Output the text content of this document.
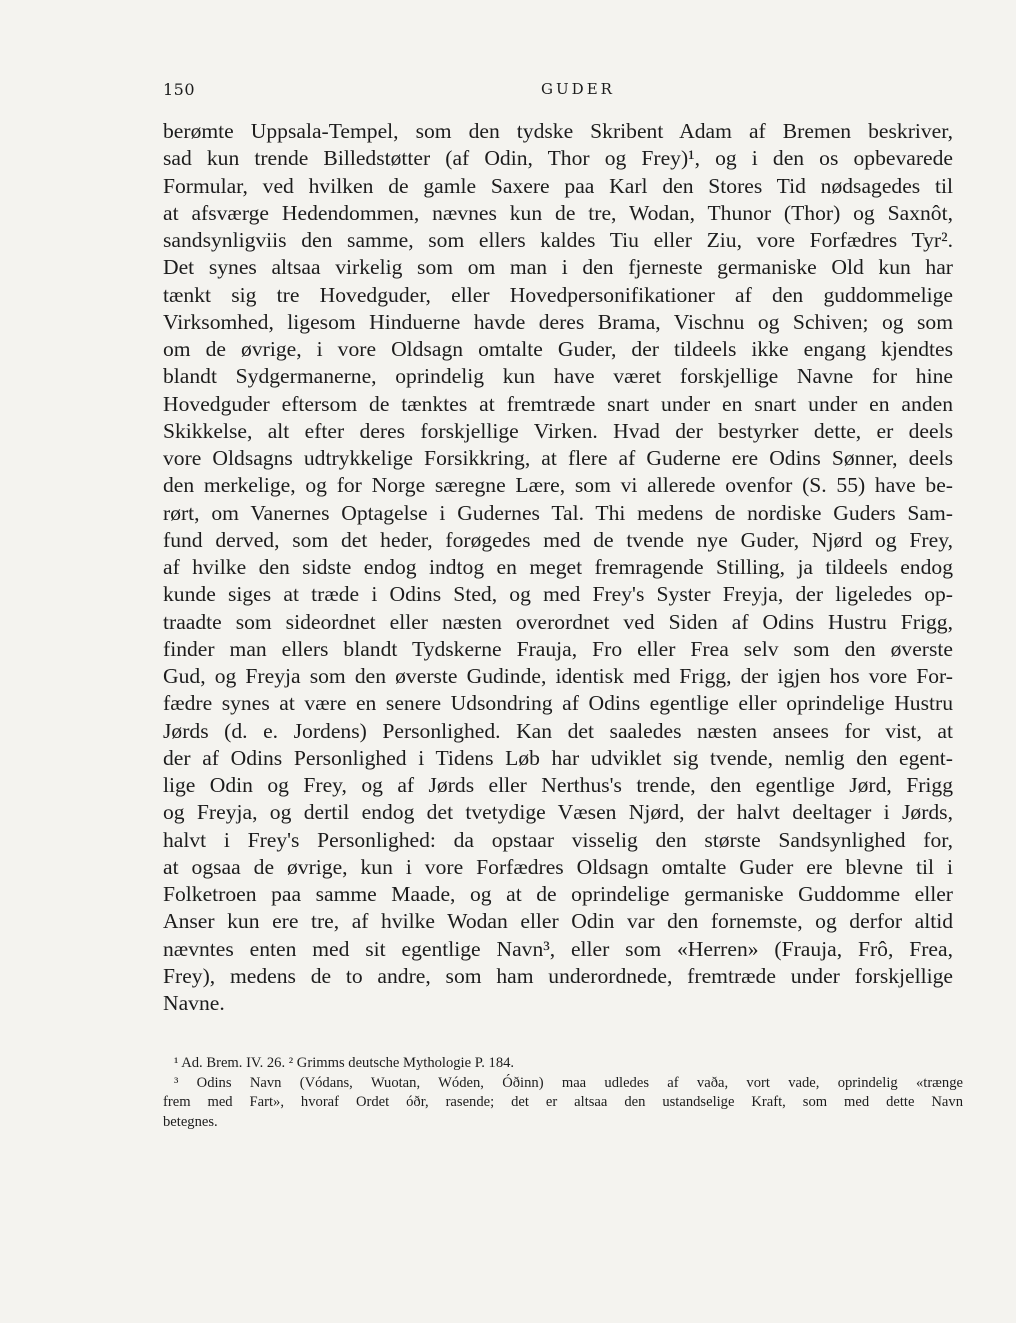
150	GUDER
berømte Uppsala-Tempel, som den tydske Skribent Adam af Bremen beskriver,
sad kun trende Billedstøtter (af Odin, Thor og Frey)¹, og i den os opbevarede
Formular, ved hvilken de gamle Saxere paa Karl den Stores Tid nødsagedes til
at afsværge Hedendommen, nævnes kun de tre, Wodan, Thunor (Thor) og Saxnôt,
sandsynligviis den samme, som ellers kaldes Tiu eller Ziu, vore Forfædres Tyr².
Det synes altsaa virkelig som om man i den fjerneste germaniske Old kun har
tænkt sig tre Hovedguder, eller Hovedpersonifikationer af den guddommelige
Virksomhed, ligesom Hinduerne havde deres Brama, Vischnu og Schiven; og som
om de øvrige, i vore Oldsagn omtalte Guder, der tildeels ikke engang kjendtes
blandt Sydgermanerne, oprindelig kun have været forskjellige Navne for hine
Hovedguder eftersom de tænktes at fremtræde snart under en snart under en anden
Skikkelse, alt efter deres forskjellige Virken. Hvad der bestyrker dette, er deels
vore Oldsagns udtrykkelige Forsikkring, at flere af Guderne ere Odins Sønner, deels
den merkelige, og for Norge særegne Lære, som vi allerede ovenfor (S. 55) have be-
rørt, om Vanernes Optagelse i Gudernes Tal. Thi medens de nordiske Guders Sam-
fund derved, som det heder, forøgedes med de tvende nye Guder, Njørd og Frey,
af hvilke den sidste endog indtog en meget fremragende Stilling, ja tildeels endog
kunde siges at træde i Odins Sted, og med Frey's Syster Freyja, der ligeledes op-
traadte som sideordnet eller næsten overordnet ved Siden af Odins Hustru Frigg,
finder man ellers blandt Tydskerne Frauja, Fro eller Frea selv som den øverste
Gud, og Freyja som den øverste Gudinde, identisk med Frigg, der igjen hos vore For-
fædre synes at være en senere Udsondring af Odins egentlige eller oprindelige Hustru
Jørds (d. e. Jordens) Personlighed. Kan det saaledes næsten ansees for vist, at
der af Odins Personlighed i Tidens Løb har udviklet sig tvende, nemlig den egent-
lige Odin og Frey, og af Jørds eller Nerthus's trende, den egentlige Jørd, Frigg
og Freyja, og dertil endog det tvetydige Væsen Njørd, der halvt deeltager i Jørds,
halvt i Frey's Personlighed: da opstaar visselig den største Sandsynlighed for,
at ogsaa de øvrige, kun i vore Forfædres Oldsagn omtalte Guder ere blevne til i
Folketroen paa samme Maade, og at de oprindelige germaniske Guddomme eller
Anser kun ere tre, af hvilke Wodan eller Odin var den fornemste, og derfor altid
nævntes enten med sit egentlige Navn³, eller som «Herren» (Frauja, Frô, Frea,
Frey), medens de to andre, som ham underordnede, fremtræde under forskjellige
Navne.
¹ Ad. Brem. IV. 26. ² Grimms deutsche Mythologie P. 184.
³ Odins Navn (Vódans, Wuotan, Wóden, Óðinn) maa udledes af vaða, vort vade, oprindelig «trænge
frem med Fart», hvoraf Ordet óðr, rasende; det er altsaa den ustandselige Kraft, som med dette Navn
betegnes.
